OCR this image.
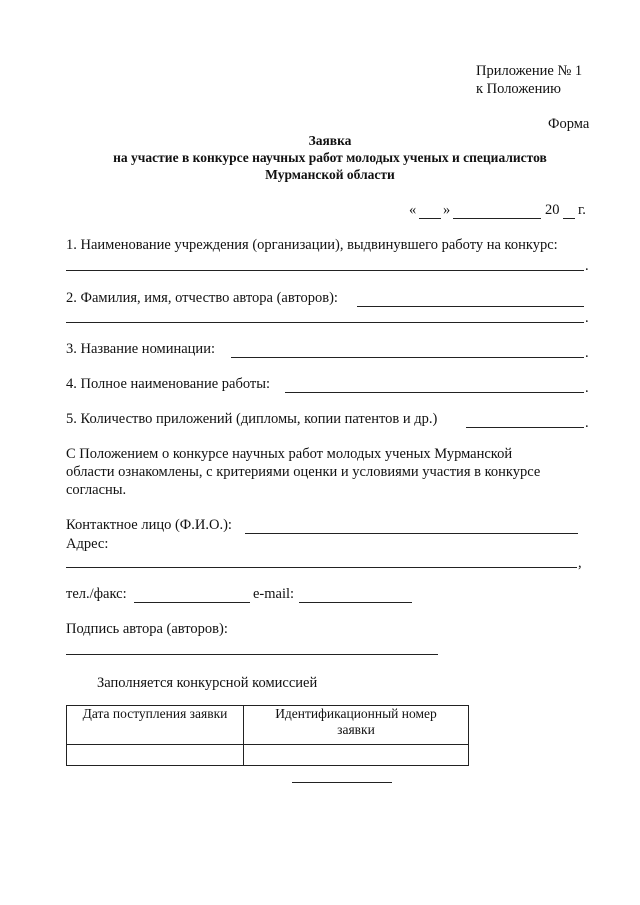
Приложение № 1
к Положению
Форма
Заявка
на участие в конкурсе научных работ молодых ученых и специалистов
Мурманской области
« »	20 г.
1. Наименование учреждения (организации), выдвинувшего работу на конкурс:
.
2. Фамилия, имя, отчество автора (авторов):
.
3. Название номинации:	.
4. Полное наименование работы:	.
5. Количество приложений (дипломы, копии патентов и др.)	.
С Положением о конкурсе научных работ молодых ученых Мурманской
области ознакомлены, с критериями оценки и условиями участия в конкурсе
согласны.
Контактное лицо (Ф.И.О.):
Адрес:
,
тел./факс:	e-mail:
Подпись автора (авторов):
Заполняется конкурсной комиссией
Дата поступления заявки	Идентификационный номер
заявки
